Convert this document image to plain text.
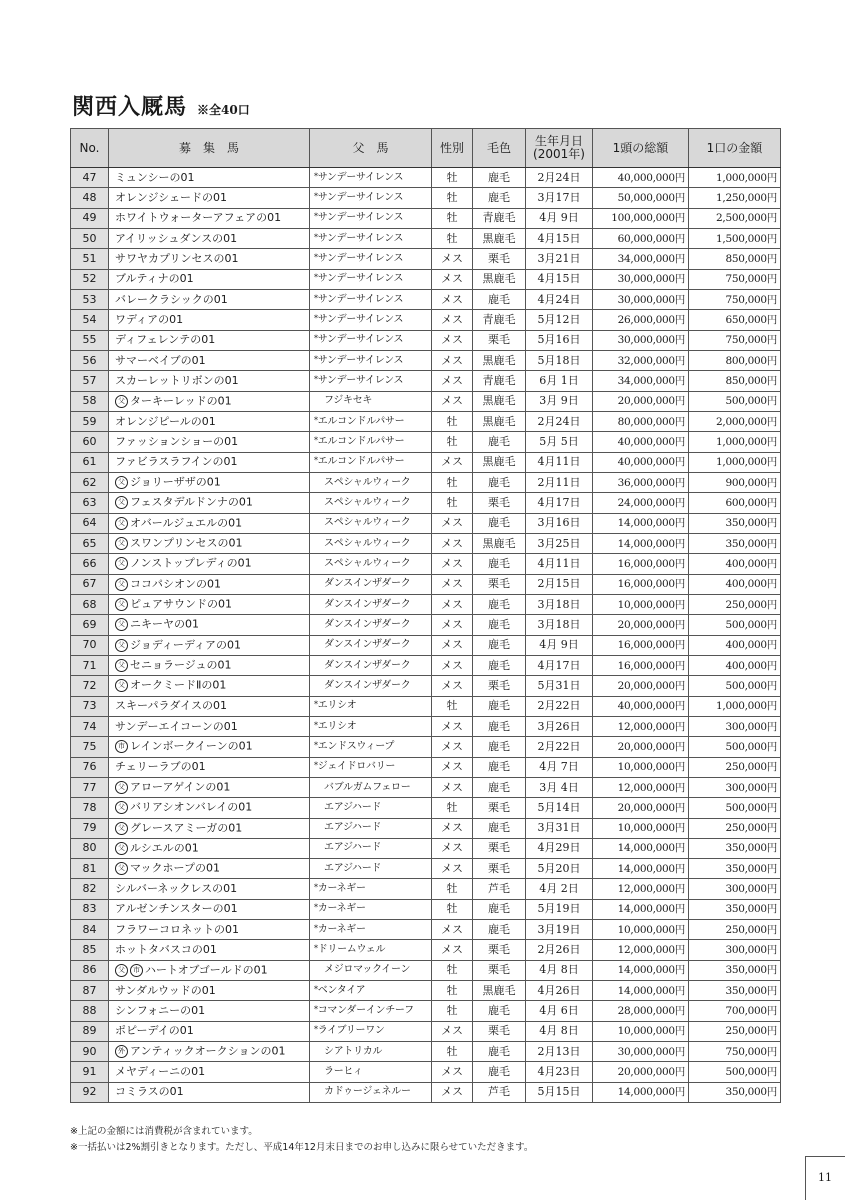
関西入厩馬 ※全40口
No.	募　集　馬	父　馬	性別	毛色	生年月日
(2001年)	1頭の総額	1口の金額
47	ミュンシーの01	*サンデーサイレンス	牡	鹿毛	2月24日	40,000,000円	1,000,000円
48	オレンジシェードの01	*サンデーサイレンス	牡	鹿毛	3月17日	50,000,000円	1,250,000円
49	ホワイトウォーターアフェアの01	*サンデーサイレンス	牡	青鹿毛	4月 9日	100,000,000円	2,500,000円
50	アイリッシュダンスの01	*サンデーサイレンス	牡	黒鹿毛	4月15日	60,000,000円	1,500,000円
51	サワヤカプリンセスの01	*サンデーサイレンス	メス	栗毛	3月21日	34,000,000円	850,000円
52	ブルティナの01	*サンデーサイレンス	メス	黒鹿毛	4月15日	30,000,000円	750,000円
53	バレークラシックの01	*サンデーサイレンス	メス	鹿毛	4月24日	30,000,000円	750,000円
54	ワディアの01	*サンデーサイレンス	メス	青鹿毛	5月12日	26,000,000円	650,000円
55	ディフェレンテの01	*サンデーサイレンス	メス	栗毛	5月16日	30,000,000円	750,000円
56	サマーベイブの01	*サンデーサイレンス	メス	黒鹿毛	5月18日	32,000,000円	800,000円
57	スカーレットリボンの01	*サンデーサイレンス	メス	青鹿毛	6月 1日	34,000,000円	850,000円
58	父 ターキーレッドの01	フジキセキ	メス	黒鹿毛	3月 9日	20,000,000円	500,000円
59	オレンジピールの01	*エルコンドルパサー	牡	黒鹿毛	2月24日	80,000,000円	2,000,000円
60	ファッションショーの01	*エルコンドルパサー	牡	鹿毛	5月 5日	40,000,000円	1,000,000円
61	ファビラスラフインの01	*エルコンドルパサー	メス	黒鹿毛	4月11日	40,000,000円	1,000,000円
62	父 ジョリーザザの01	スペシャルウィーク	牡	鹿毛	2月11日	36,000,000円	900,000円
63	父 フェスタデルドンナの01	スペシャルウィーク	牡	栗毛	4月17日	24,000,000円	600,000円
64	父 オバールジュエルの01	スペシャルウィーク	メス	鹿毛	3月16日	14,000,000円	350,000円
65	父 スワンプリンセスの01	スペシャルウィーク	メス	黒鹿毛	3月25日	14,000,000円	350,000円
66	父 ノンストップレディの01	スペシャルウィーク	メス	鹿毛	4月11日	16,000,000円	400,000円
67	父 ココパシオンの01	ダンスインザダーク	メス	栗毛	2月15日	16,000,000円	400,000円
68	父 ピュアサウンドの01	ダンスインザダーク	メス	鹿毛	3月18日	10,000,000円	250,000円
69	父 ニキーヤの01	ダンスインザダーク	メス	鹿毛	3月18日	20,000,000円	500,000円
70	父 ジョディーディアの01	ダンスインザダーク	メス	鹿毛	4月 9日	16,000,000円	400,000円
71	父 セニョラージュの01	ダンスインザダーク	メス	鹿毛	4月17日	16,000,000円	400,000円
72	父 オークミードⅡの01	ダンスインザダーク	メス	栗毛	5月31日	20,000,000円	500,000円
73	スキーパラダイスの01	*エリシオ	牡	鹿毛	2月22日	40,000,000円	1,000,000円
74	サンデーエイコーンの01	*エリシオ	メス	鹿毛	3月26日	12,000,000円	300,000円
75	市 レインボークイーンの01	*エンドスウィープ	メス	鹿毛	2月22日	20,000,000円	500,000円
76	チェリーラブの01	*ジェイドロバリー	メス	鹿毛	4月 7日	10,000,000円	250,000円
77	父 アローアゲインの01	バブルガムフェロー	メス	鹿毛	3月 4日	12,000,000円	300,000円
78	父 バリアシオンバレイの01	エアジハード	牡	栗毛	5月14日	20,000,000円	500,000円
79	父 グレースアミーガの01	エアジハード	メス	鹿毛	3月31日	10,000,000円	250,000円
80	父 ルシエルの01	エアジハード	メス	栗毛	4月29日	14,000,000円	350,000円
81	父 マックホープの01	エアジハード	メス	栗毛	5月20日	14,000,000円	350,000円
82	シルバーネックレスの01	*カーネギー	牡	芦毛	4月 2日	12,000,000円	300,000円
83	アルゼンチンスターの01	*カーネギー	牡	鹿毛	5月19日	14,000,000円	350,000円
84	フラワーコロネットの01	*カーネギー	メス	鹿毛	3月19日	10,000,000円	250,000円
85	ホットタバスコの01	*ドリームウェル	メス	栗毛	2月26日	12,000,000円	300,000円
86	父 市 ハートオブゴールドの01	メジロマックイーン	牡	栗毛	4月 8日	14,000,000円	350,000円
87	サンダルウッドの01	*ベンタイア	牡	黒鹿毛	4月26日	14,000,000円	350,000円
88	シンフォニーの01	*コマンダーインチーフ	牡	鹿毛	4月 6日	28,000,000円	700,000円
89	ポピーデイの01	*ライブリーワン	メス	栗毛	4月 8日	10,000,000円	250,000円
90	外 アンティックオークションの01	シアトリカル	牡	鹿毛	2月13日	30,000,000円	750,000円
91	メヤディーニの01	ラーヒィ	メス	鹿毛	4月23日	20,000,000円	500,000円
92	コミラスの01	カドゥージェネルー	メス	芦毛	5月15日	14,000,000円	350,000円
※上記の金額には消費税が含まれています。
※一括払いは2%割引きとなります。ただし、平成14年12月末日までのお申し込みに限らせていただきます。
11
